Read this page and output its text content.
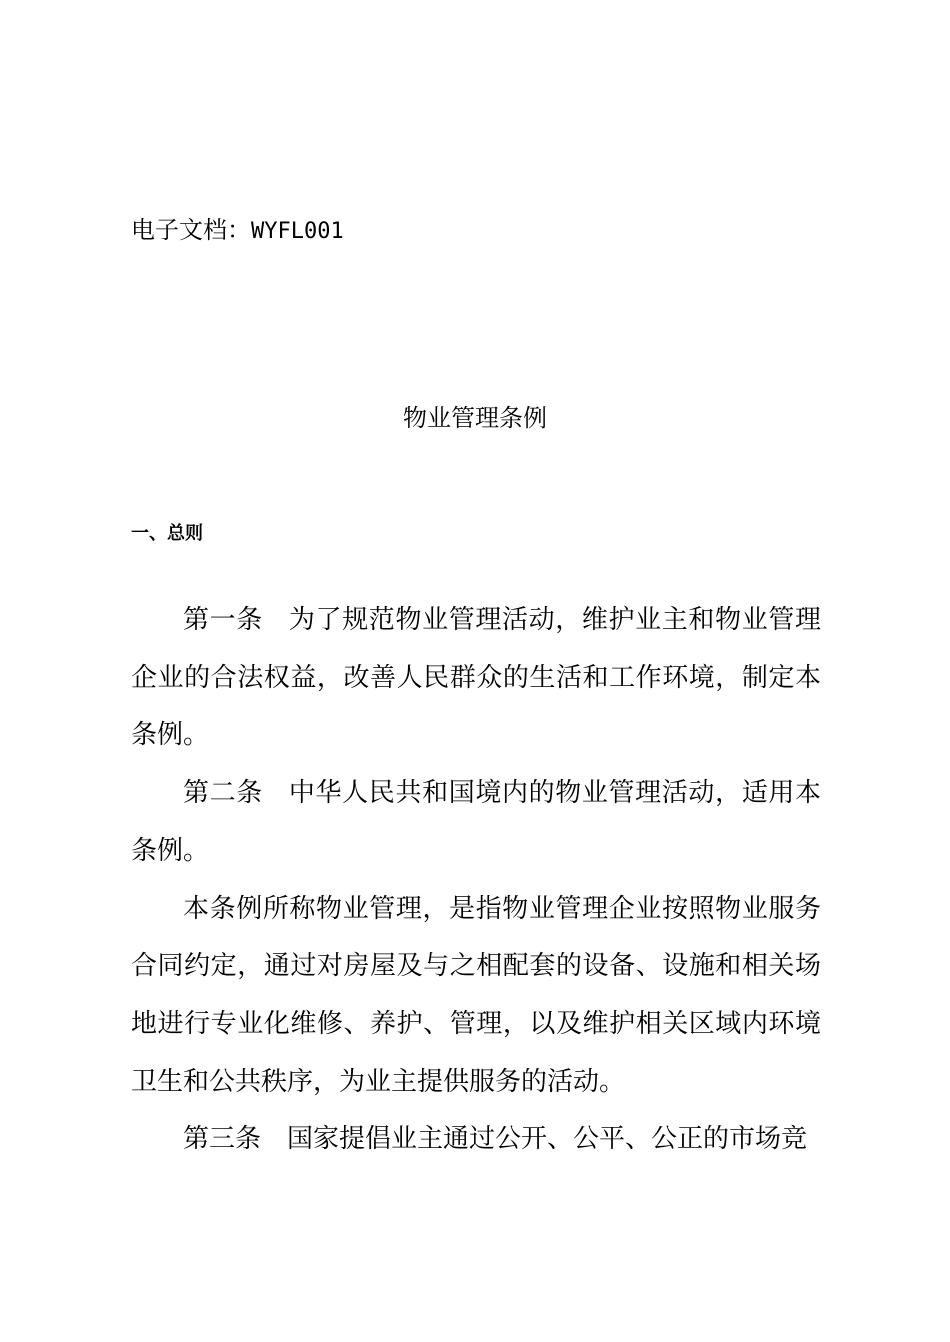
电子文档：WYFL001
物业管理条例
一、总则

第一条 为了规范物业管理活动，维护业主和物业管理企业的合法权益，改善人民群众的生活和工作环境，制定本条例。

第二条 中华人民共和国境内的物业管理活动，适用本条例。

本条例所称物业管理，是指物业管理企业按照物业服务合同约定，通过对房屋及与之相配套的设备、设施和相关场地进行专业化维修、养护、管理，以及维护相关区域内环境卫生和公共秩序，为业主提供服务的活动。

第三条 国家提倡业主通过公开、公平、公正的市场竞
